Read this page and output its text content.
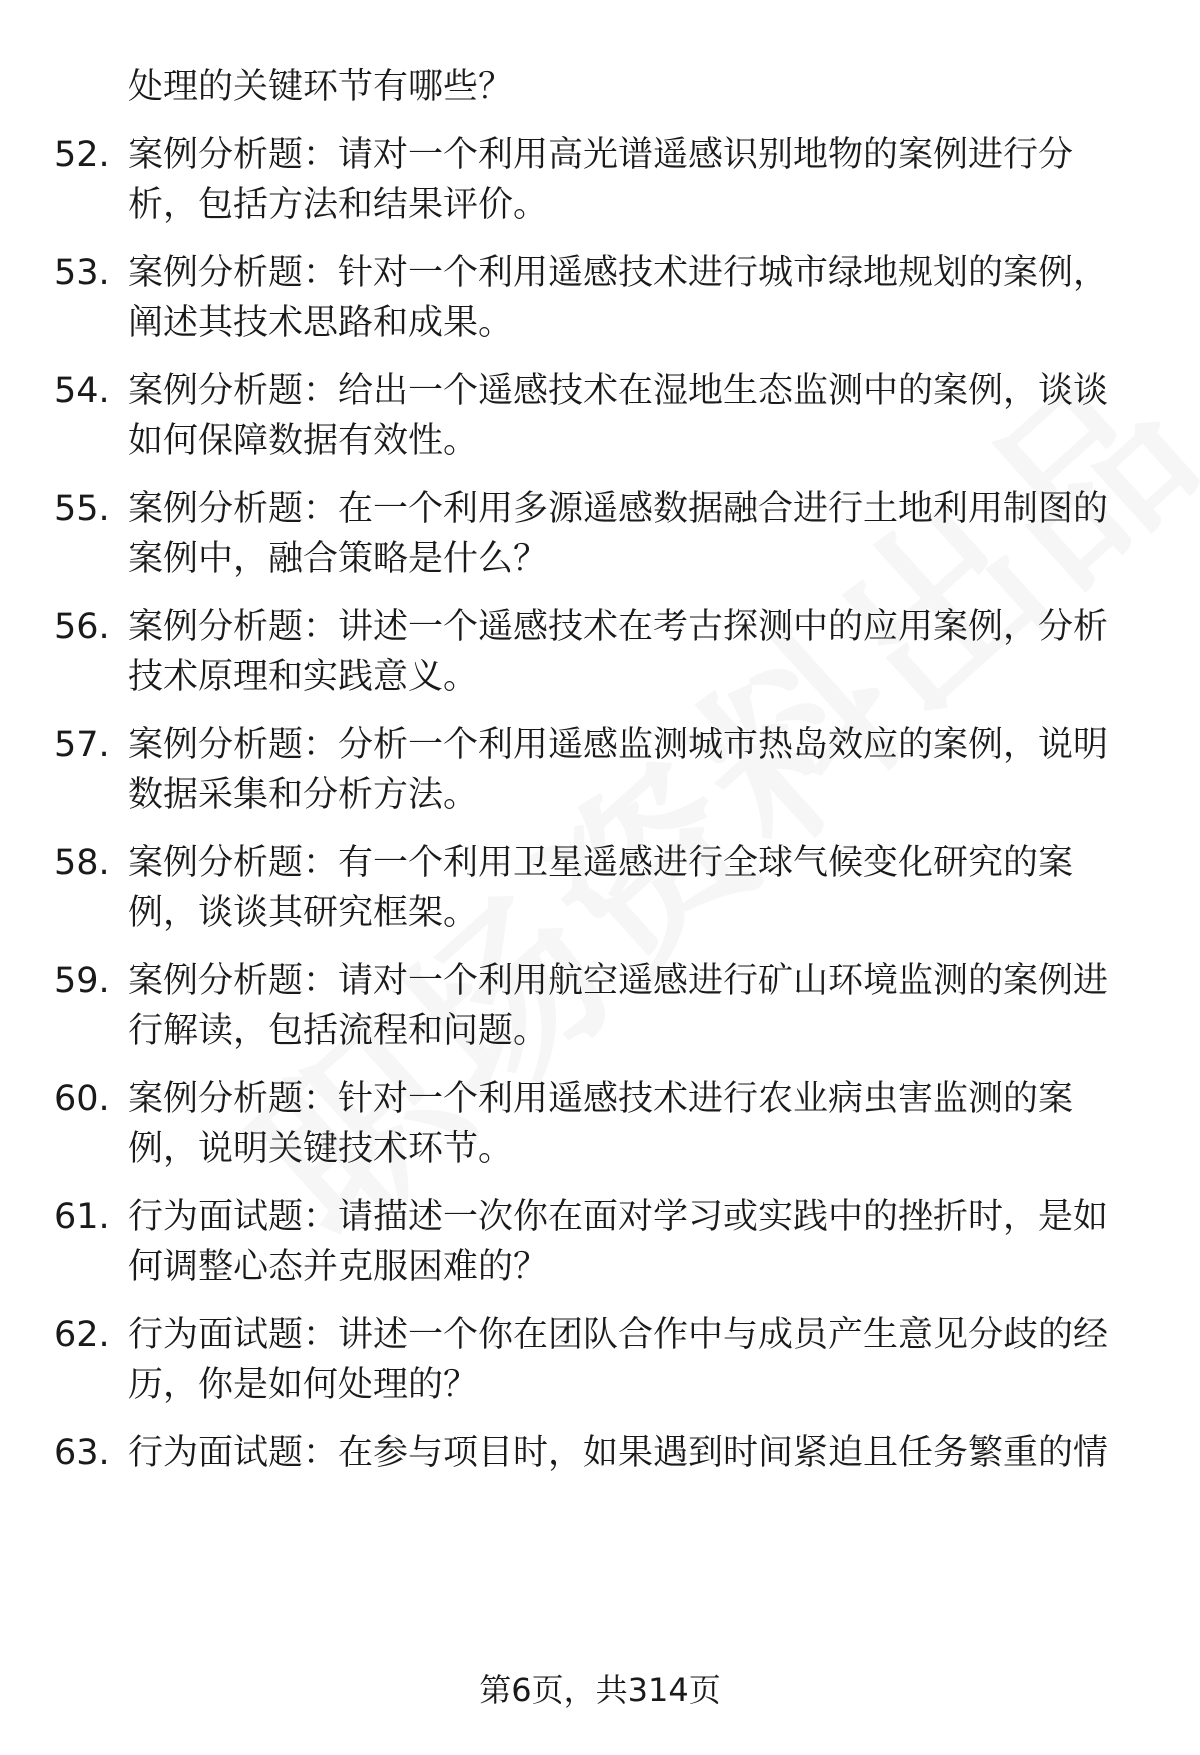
处理的关键环节有哪些？

52. 案例分析题：请对一个利用高光谱遥感识别地物的案例进行分析，包括方法和结果评价。

53. 案例分析题：针对一个利用遥感技术进行城市绿地规划的案例，阐述其技术思路和成果。

54. 案例分析题：给出一个遥感技术在湿地生态监测中的案例，谈谈如何保障数据有效性。

55. 案例分析题：在一个利用多源遥感数据融合进行土地利用制图的案例中，融合策略是什么？

56. 案例分析题：讲述一个遥感技术在考古探测中的应用案例，分析技术原理和实践意义。

57. 案例分析题：分析一个利用遥感监测城市热岛效应的案例，说明数据采集和分析方法。

58. 案例分析题：有一个利用卫星遥感进行全球气候变化研究的案例，谈谈其研究框架。

59. 案例分析题：请对一个利用航空遥感进行矿山环境监测的案例进行解读，包括流程和问题。

60. 案例分析题：针对一个利用遥感技术进行农业病虫害监测的案例，说明关键技术环节。

61. 行为面试题：请描述一次你在面对学习或实践中的挫折时，是如何调整心态并克服困难的？

62. 行为面试题：讲述一个你在团队合作中与成员产生意见分歧的经历，你是如何处理的？

63. 行为面试题：在参与项目时，如果遇到时间紧迫且任务繁重的情

第6页，共314页
